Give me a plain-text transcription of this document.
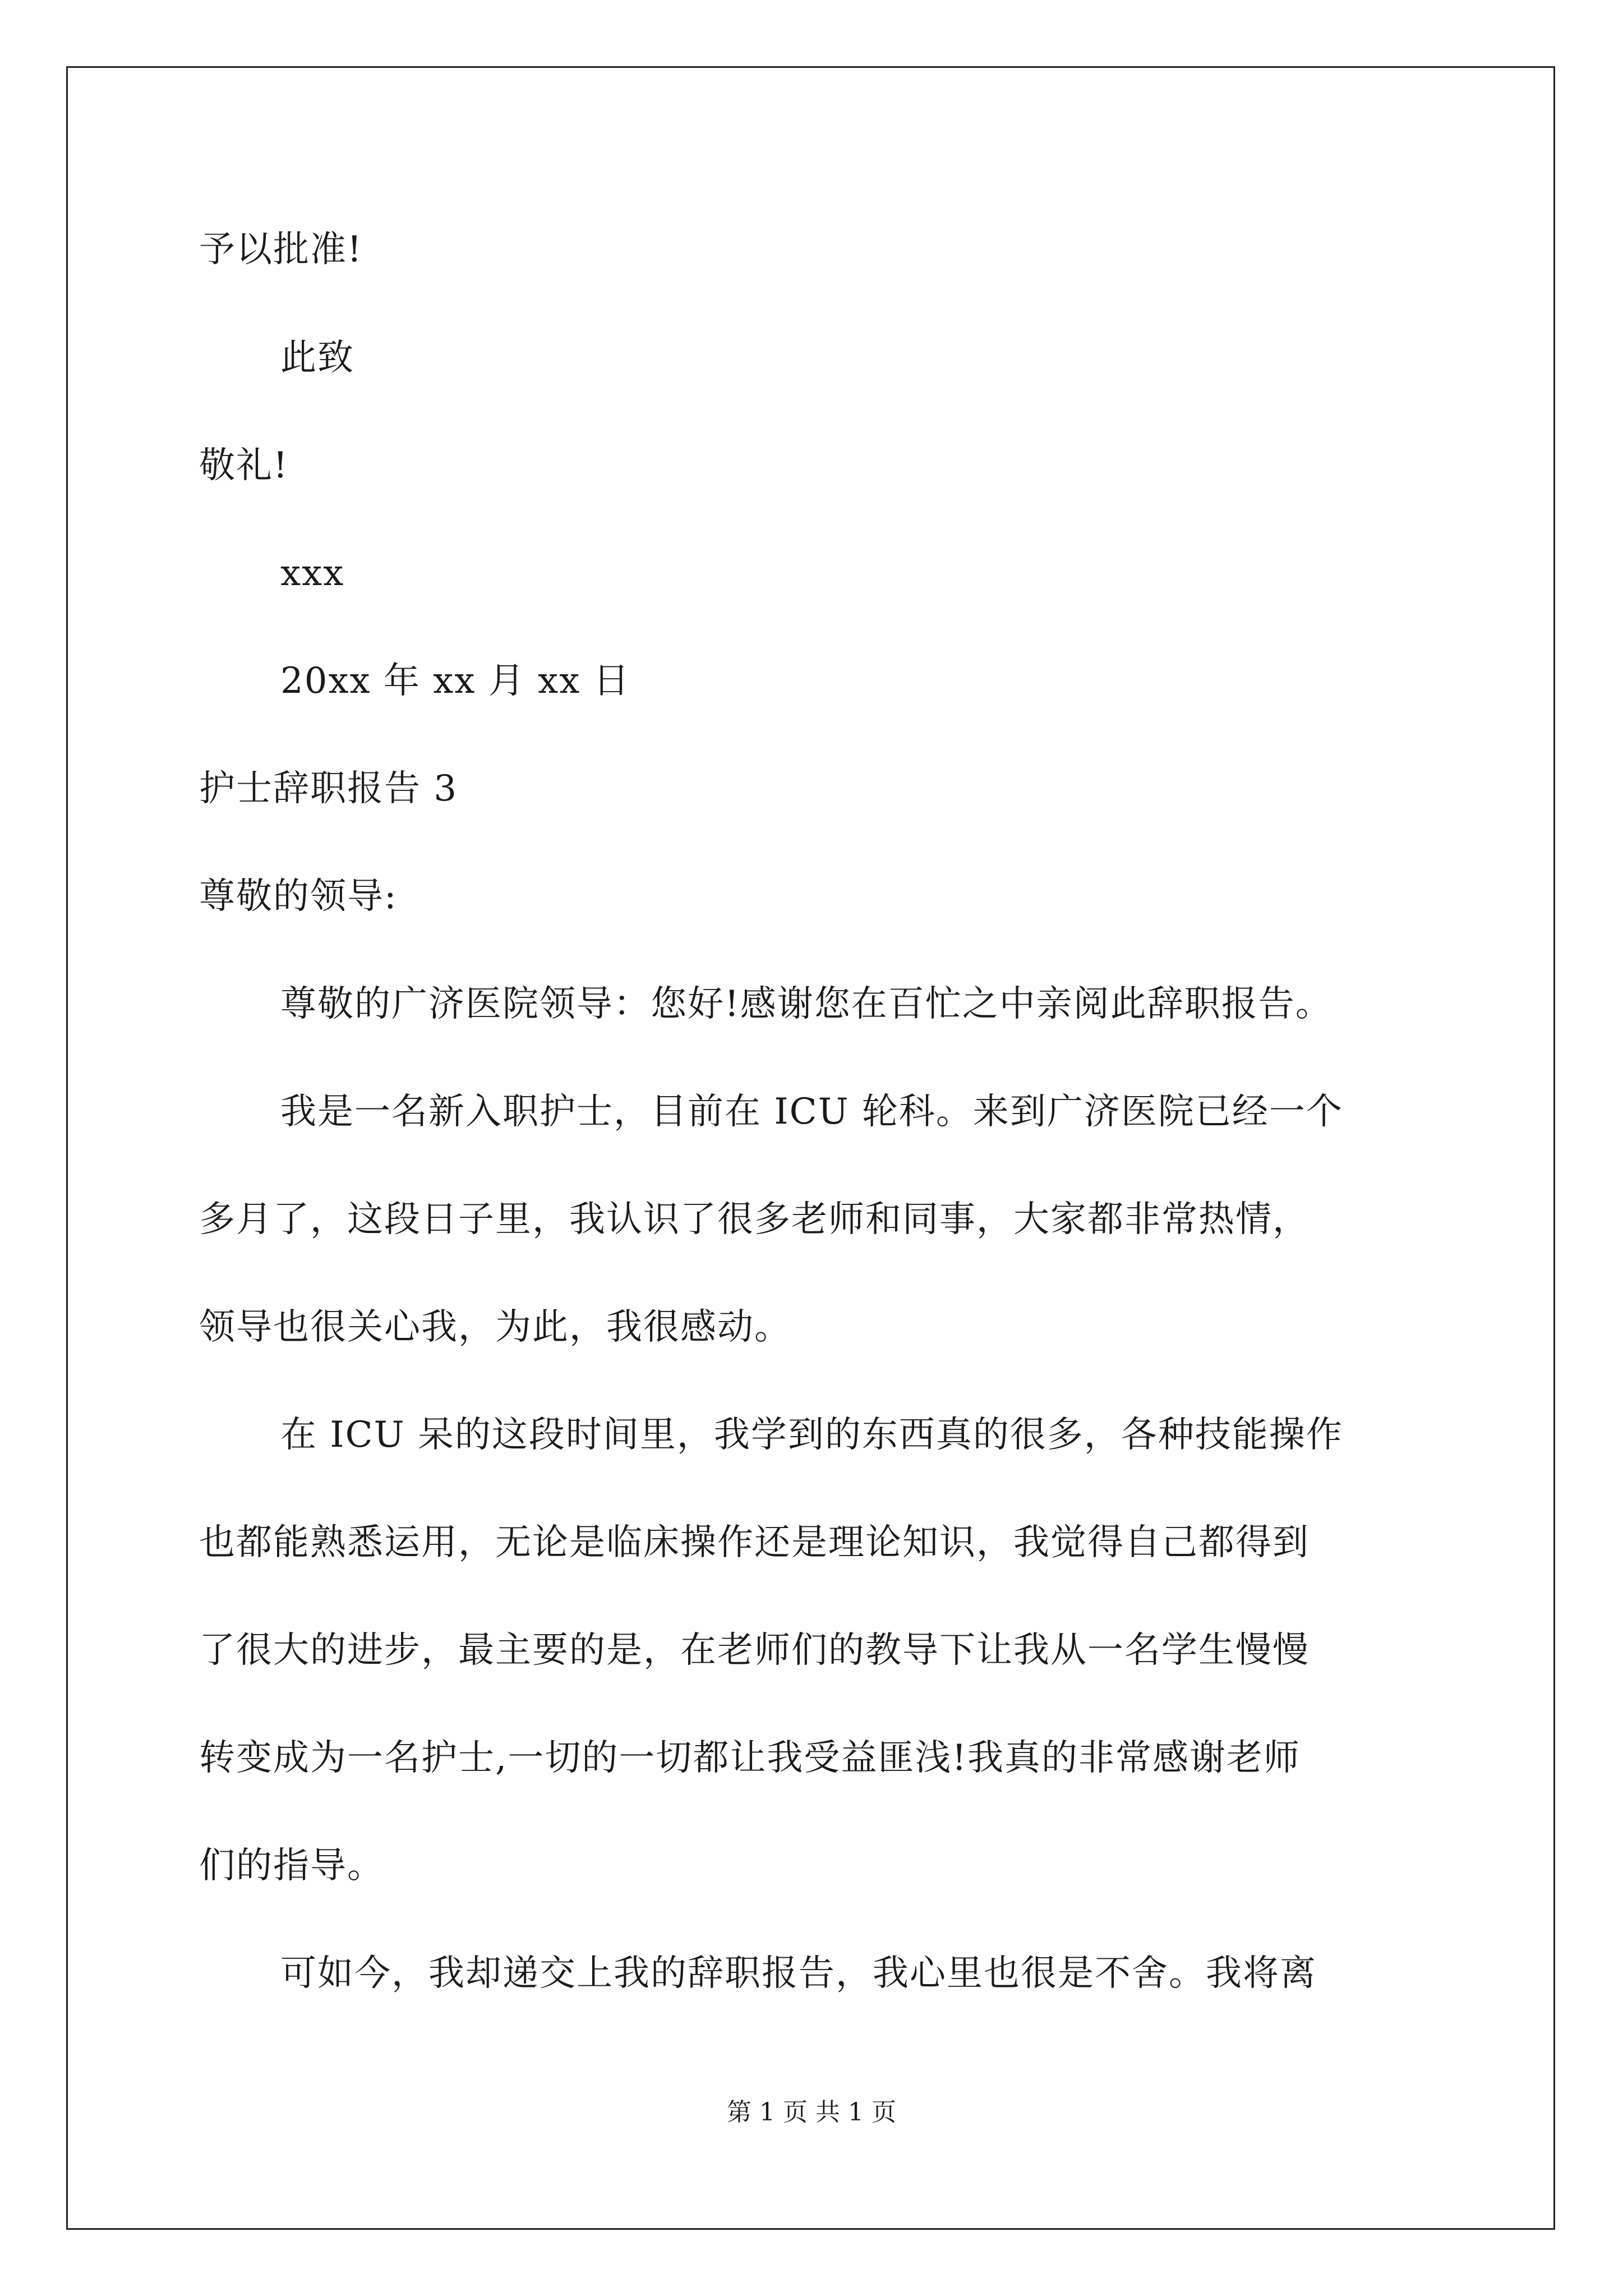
予以批准!
此致
敬礼!
xxx
20xx 年 xx 月 xx 日
护士辞职报告 3
尊敬的领导:
尊敬的广济医院领导：您好!感谢您在百忙之中亲阅此辞职报告。
我是一名新入职护士，目前在 ICU 轮科。来到广济医院已经一个
多月了，这段日子里，我认识了很多老师和同事，大家都非常热情，
领导也很关心我，为此，我很感动。
在 ICU 呆的这段时间里，我学到的东西真的很多，各种技能操作
也都能熟悉运用，无论是临床操作还是理论知识，我觉得自己都得到
了很大的进步，最主要的是，在老师们的教导下让我从一名学生慢慢
转变成为一名护士,一切的一切都让我受益匪浅!我真的非常感谢老师
们的指导。
可如今，我却递交上我的辞职报告，我心里也很是不舍。我将离
第 1 页 共 1 页
